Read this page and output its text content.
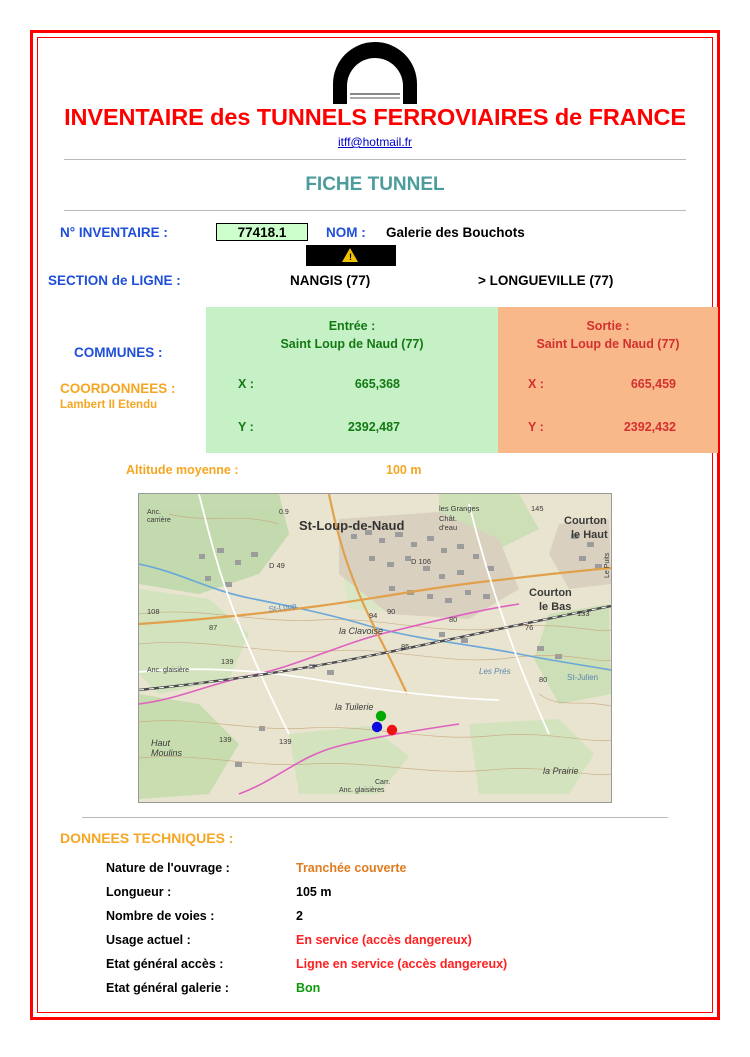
INVENTAIRE des TUNNELS FERROVIAIRES de FRANCE
itff@hotmail.fr
FICHE TUNNEL
N° INVENTAIRE :	77418.1	NOM : Galerie des Bouchots
!
SECTION de LIGNE :	NANGIS (77)	> LONGUEVILLE (77)
COMMUNES :
COORDONNEES :
Lambert II Etendu
Entrée :
Saint Loup de Naud (77)
Sortie :
Saint Loup de Naud (77)
X :	665,368
Y :	2392,487
X :	665,459
Y :	2392,432
Altitude moyenne :	100 m
St-Loup-de-Naud
les Granges
Chât.
d'eau
145
Courton
le Haut
Courton
le Bas
Le Puits
la Clavoise
la Tuilerie
Haut
Moulins
la Prairie
Anc.
carrière
Anc. glaisière
Anc. glaisières
Carr.
Les Prés
St-Loup
0.9
D 49	D 106
108
87
139
94 90
85
80
76
80
133
139	139
St-Julien
DONNEES TECHNIQUES :
Nature de l'ouvrage :	Tranchée couverte
Longueur :	105 m
Nombre de voies :	2
Usage actuel :	En service (accès dangereux)
Etat général accès :	Ligne en service (accès dangereux)
Etat général galerie :	Bon
